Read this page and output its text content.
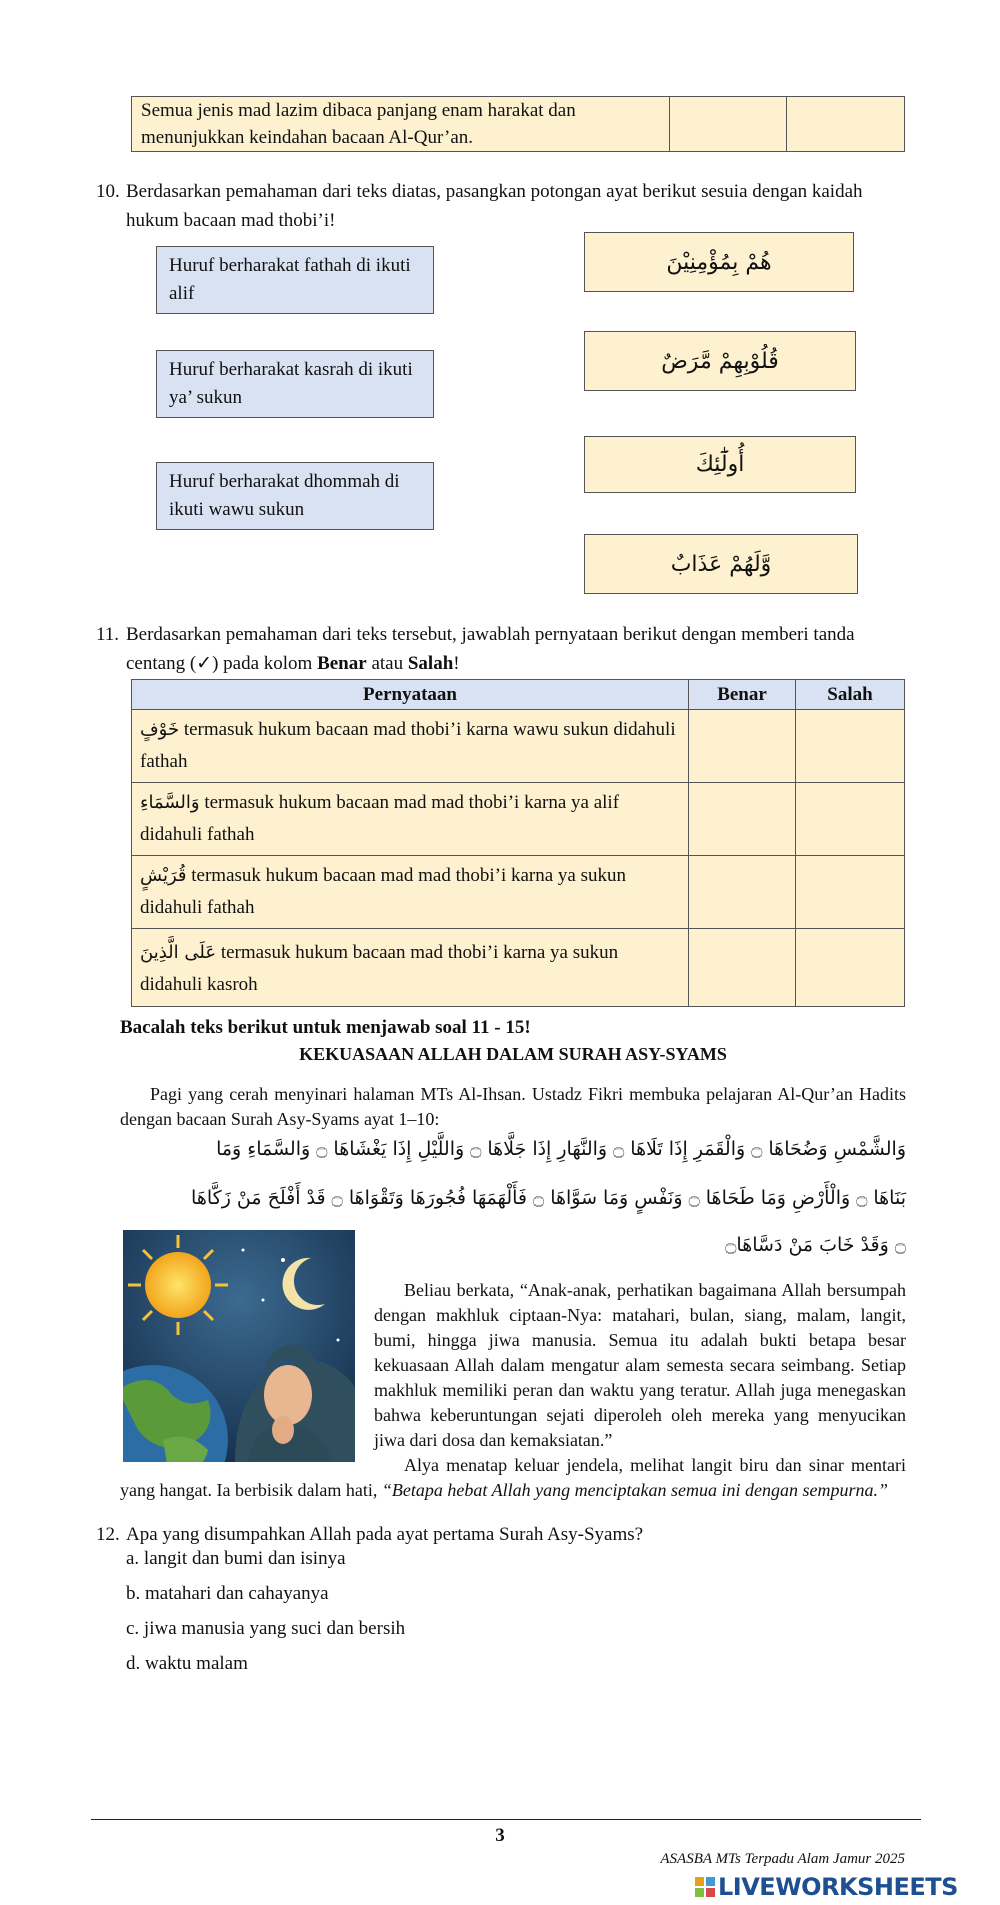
Semua jenis mad lazim dibaca panjang enam harakat dan menunjukkan keindahan bacaan Al-Qur’an.		
10. Berdasarkan pemahaman dari teks diatas, pasangkan potongan ayat berikut sesuia dengan kaidah hukum bacaan mad thobi’i!
Huruf berharakat fathah di ikuti alif
Huruf berharakat kasrah di ikuti ya’ sukun
Huruf berharakat dhommah di ikuti wawu sukun
هُمْ بِمُؤْمِنِيْنَ
قُلُوْبِهِمْ مَّرَضٌ
أُولَٰٓئِكَ
وَّلَهُمْ عَذَابٌ
11. Berdasarkan pemahaman dari teks tersebut, jawablah pernyataan berikut dengan memberi tanda centang (✓) pada kolom Benar atau Salah!
Pernyataan	Benar	Salah
خَوْفٍ termasuk hukum bacaan mad thobi’i karna wawu sukun didahuli fathah		
وَالسَّمَاءِ termasuk hukum bacaan mad mad thobi’i karna ya alif didahuli fathah		
قُرَيْشٍ termasuk hukum bacaan mad mad thobi’i karna ya sukun didahuli fathah		
عَلَى الَّذِينَ termasuk hukum bacaan mad thobi’i karna ya sukun didahuli kasroh		
Bacalah teks berikut untuk menjawab soal 11 - 15!
KEKUASAAN ALLAH DALAM SURAH ASY-SYAMS
Pagi yang cerah menyinari halaman MTs Al-Ihsan. Ustadz Fikri membuka pelajaran Al-Qur’an Hadits dengan bacaan Surah Asy-Syams ayat 1–10:
وَالشَّمْسِ وَضُحَاهَا ۝ وَالْقَمَرِ إِذَا تَلَاهَا ۝ وَالنَّهَارِ إِذَا جَلَّاهَا ۝ وَاللَّيْلِ إِذَا يَغْشَاهَا ۝ وَالسَّمَاءِ وَمَا
بَنَاهَا ۝ وَالْأَرْضِ وَمَا طَحَاهَا ۝ وَنَفْسٍ وَمَا سَوَّاهَا ۝ فَأَلْهَمَهَا فُجُورَهَا وَتَقْوَاهَا ۝ قَدْ أَفْلَحَ مَنْ زَكَّاهَا
۝ وَقَدْ خَابَ مَنْ دَسَّاهَا۝
Beliau berkata, “Anak-anak, perhatikan bagaimana Allah bersumpah dengan makhluk ciptaan-Nya: matahari, bulan, siang, malam, langit, bumi, hingga jiwa manusia. Semua itu adalah bukti betapa besar kekuasaan Allah dalam mengatur alam semesta secara seimbang. Setiap makhluk memiliki peran dan waktu yang teratur. Allah juga menegaskan bahwa keberuntungan sejati diperoleh oleh mereka yang menyucikan jiwa dari dosa dan kemaksiatan.”
Alya menatap keluar jendela, melihat langit biru dan sinar mentari
yang hangat. Ia berbisik dalam hati, “Betapa hebat Allah yang menciptakan semua ini dengan sempurna.”
12. Apa yang disumpahkan Allah pada ayat pertama Surah Asy-Syams?
a. langit dan bumi dan isinya
b. matahari dan cahayanya
c. jiwa manusia yang suci dan bersih
d. waktu malam
3
ASASBA MTs Terpadu Alam Jamur 2025
LIVEWORKSHEETS
